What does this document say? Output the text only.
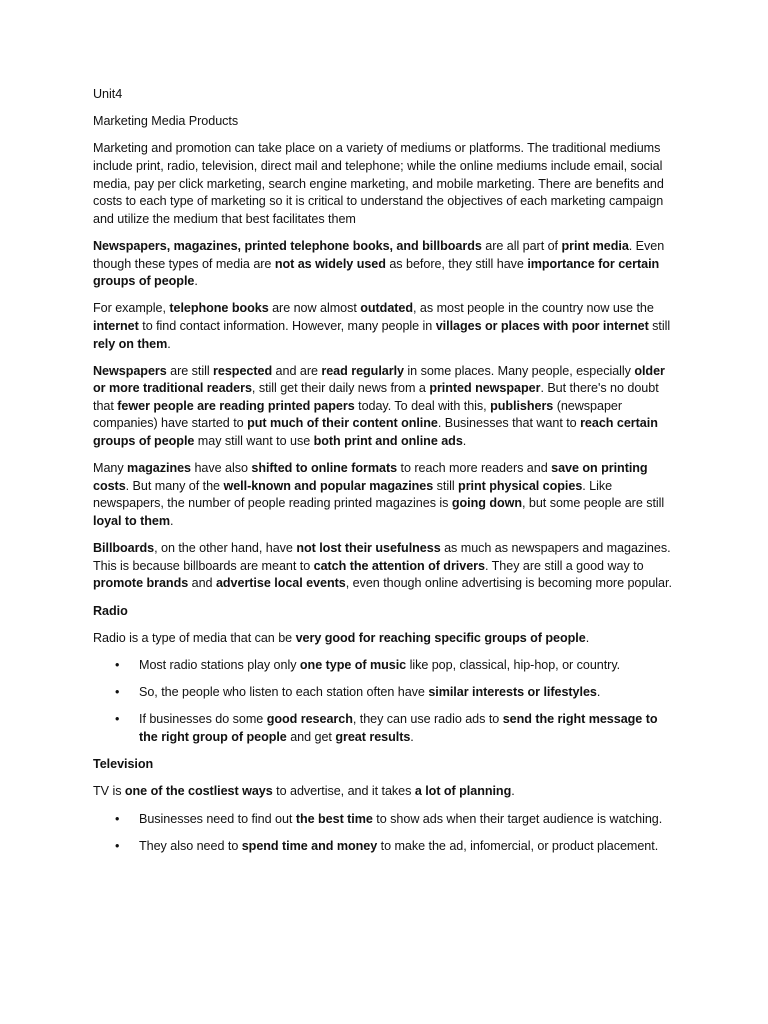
Unit4

Marketing Media Products

Marketing and promotion can take place on a variety of mediums or platforms. The traditional mediums include print, radio, television, direct mail and telephone; while the online mediums include email, social media, pay per click marketing, search engine marketing, and mobile marketing. There are benefits and costs to each type of marketing so it is critical to understand the objectives of each marketing campaign and utilize the medium that best facilitates them

Newspapers, magazines, printed telephone books, and billboards are all part of print media. Even though these types of media are not as widely used as before, they still have importance for certain groups of people.

For example, telephone books are now almost outdated, as most people in the country now use the internet to find contact information. However, many people in villages or places with poor internet still rely on them.

Newspapers are still respected and are read regularly in some places. Many people, especially older or more traditional readers, still get their daily news from a printed newspaper. But there's no doubt that fewer people are reading printed papers today. To deal with this, publishers (newspaper companies) have started to put much of their content online. Businesses that want to reach certain groups of people may still want to use both print and online ads.

Many magazines have also shifted to online formats to reach more readers and save on printing costs. But many of the well-known and popular magazines still print physical copies. Like newspapers, the number of people reading printed magazines is going down, but some people are still loyal to them.

Billboards, on the other hand, have not lost their usefulness as much as newspapers and magazines. This is because billboards are meant to catch the attention of drivers. They are still a good way to promote brands and advertise local events, even though online advertising is becoming more popular.

Radio

Radio is a type of media that can be very good for reaching specific groups of people.

• Most radio stations play only one type of music like pop, classical, hip-hop, or country.
• So, the people who listen to each station often have similar interests or lifestyles.
• If businesses do some good research, they can use radio ads to send the right message to the right group of people and get great results.

Television

TV is one of the costliest ways to advertise, and it takes a lot of planning.

• Businesses need to find out the best time to show ads when their target audience is watching.
• They also need to spend time and money to make the ad, infomercial, or product placement.
